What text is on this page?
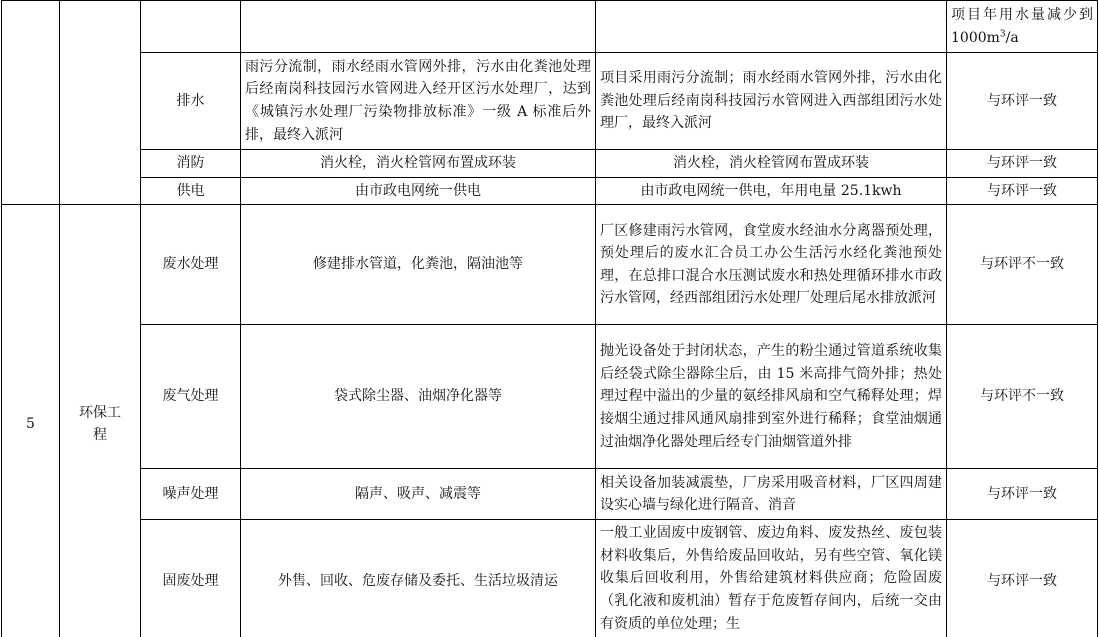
					项目年用水量减少到 $1000m^3/a$
		排水	雨污分流制，雨水经雨水管网外排，污水由化粪池处理后经南岗科技园污水管网进入经开区污水处理厂，达到《城镇污水处理厂污染物排放标准》一级 A 标准后外排，最终入派河	项目采用雨污分流制；雨水经雨水管网外排，污水由化粪池处理后经南岗科技园污水管网进入西部组团污水处理厂，最终入派河	与环评一致
		消防	消火栓，消火栓管网布置成环装	消火栓，消火栓管网布置成环装	与环评一致
		供电	由市政电网统一供电	由市政电网统一供电，年用电量 25.1kwh	与环评一致
5	环保工程	废水处理	修建排水管道，化粪池，隔油池等	厂区修建雨污水管网，食堂废水经油水分离器预处理，预处理后的废水汇合员工办公生活污水经化粪池预处理，在总排口混合水压测试废水和热处理循环排水市政污水管网，经西部组团污水处理厂处理后尾水排放派河	与环评不一致
		废气处理	袋式除尘器、油烟净化器等	抛光设备处于封闭状态，产生的粉尘通过管道系统收集后经袋式除尘器除尘后，由 15 米高排气筒外排；热处理过程中溢出的少量的氨经排风扇和空气稀释处理；焊接烟尘通过排风通风扇排到室外进行稀释；食堂油烟通过油烟净化器处理后经专门油烟管道外排	与环评不一致
		噪声处理	隔声、吸声、减震等	相关设备加装减震垫，厂房采用吸音材料，厂区四周建设实心墙与绿化进行隔音、消音	与环评一致
		固废处理	外售、回收、危废存储及委托、生活垃圾清运	一般工业固废中废钢管、废边角料、废发热丝、废包装材料收集后，外售给废品回收站，另有些空管、氧化镁收集后回收利用，外售给建筑材料供应商；危险固废（乳化液和废机油）暂存于危废暂存间内，后统一交由有资质的单位处理；生	与环评一致
